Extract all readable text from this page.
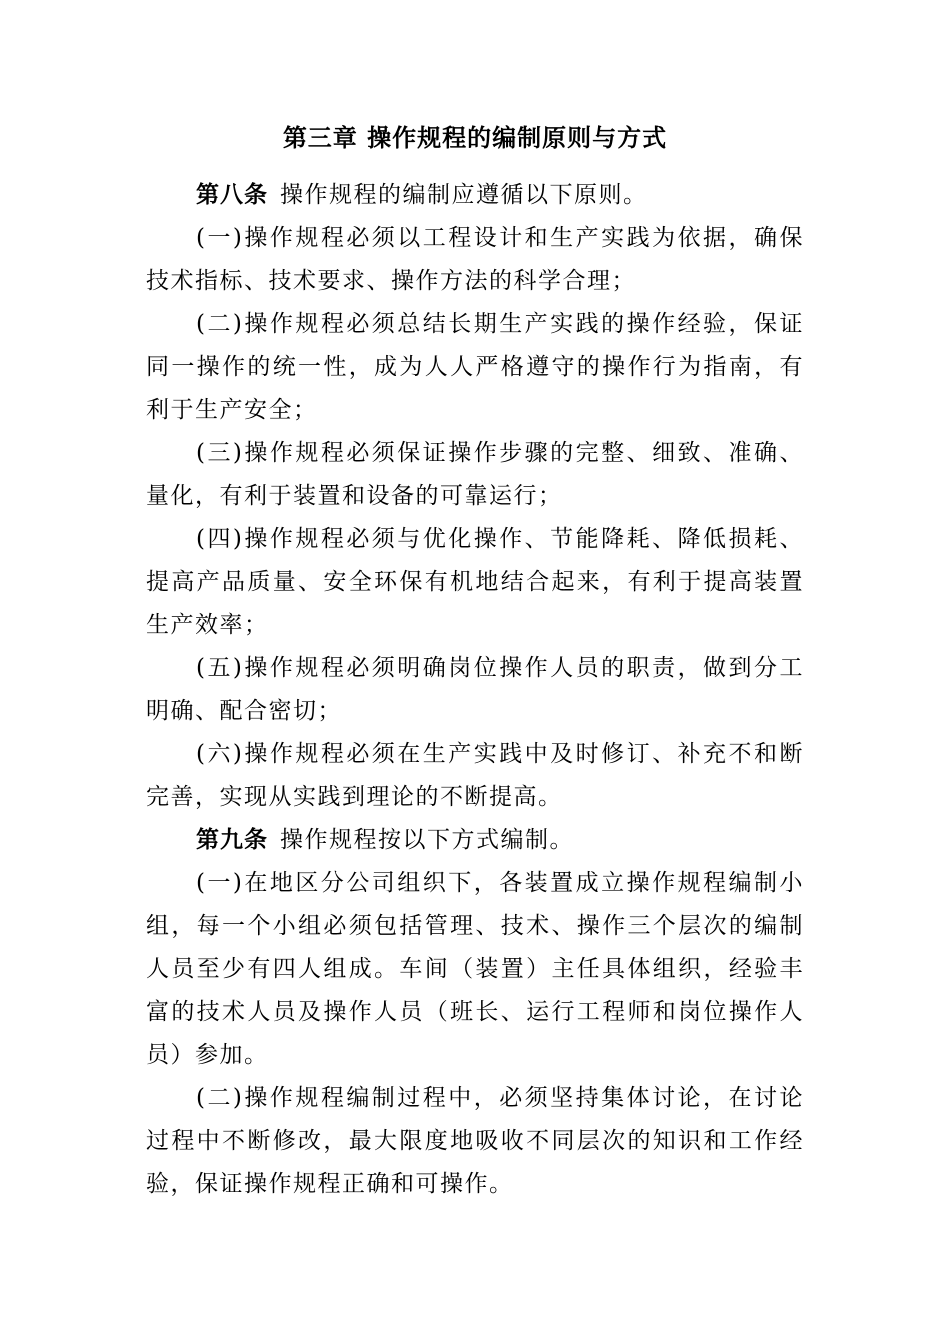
第三章 操作规程的编制原则与方式

第八条 操作规程的编制应遵循以下原则。

(一)操作规程必须以工程设计和生产实践为依据，确保技术指标、技术要求、操作方法的科学合理；

(二)操作规程必须总结长期生产实践的操作经验，保证同一操作的统一性，成为人人严格遵守的操作行为指南，有利于生产安全；

(三)操作规程必须保证操作步骤的完整、细致、准确、量化，有利于装置和设备的可靠运行；

(四)操作规程必须与优化操作、节能降耗、降低损耗、提高产品质量、安全环保有机地结合起来，有利于提高装置生产效率；

(五)操作规程必须明确岗位操作人员的职责，做到分工明确、配合密切；

(六)操作规程必须在生产实践中及时修订、补充不和断完善，实现从实践到理论的不断提高。

第九条 操作规程按以下方式编制。

(一)在地区分公司组织下，各装置成立操作规程编制小组，每一个小组必须包括管理、技术、操作三个层次的编制人员至少有四人组成。车间（装置）主任具体组织，经验丰富的技术人员及操作人员（班长、运行工程师和岗位操作人员）参加。

(二)操作规程编制过程中，必须坚持集体讨论，在讨论过程中不断修改，最大限度地吸收不同层次的知识和工作经验，保证操作规程正确和可操作。
